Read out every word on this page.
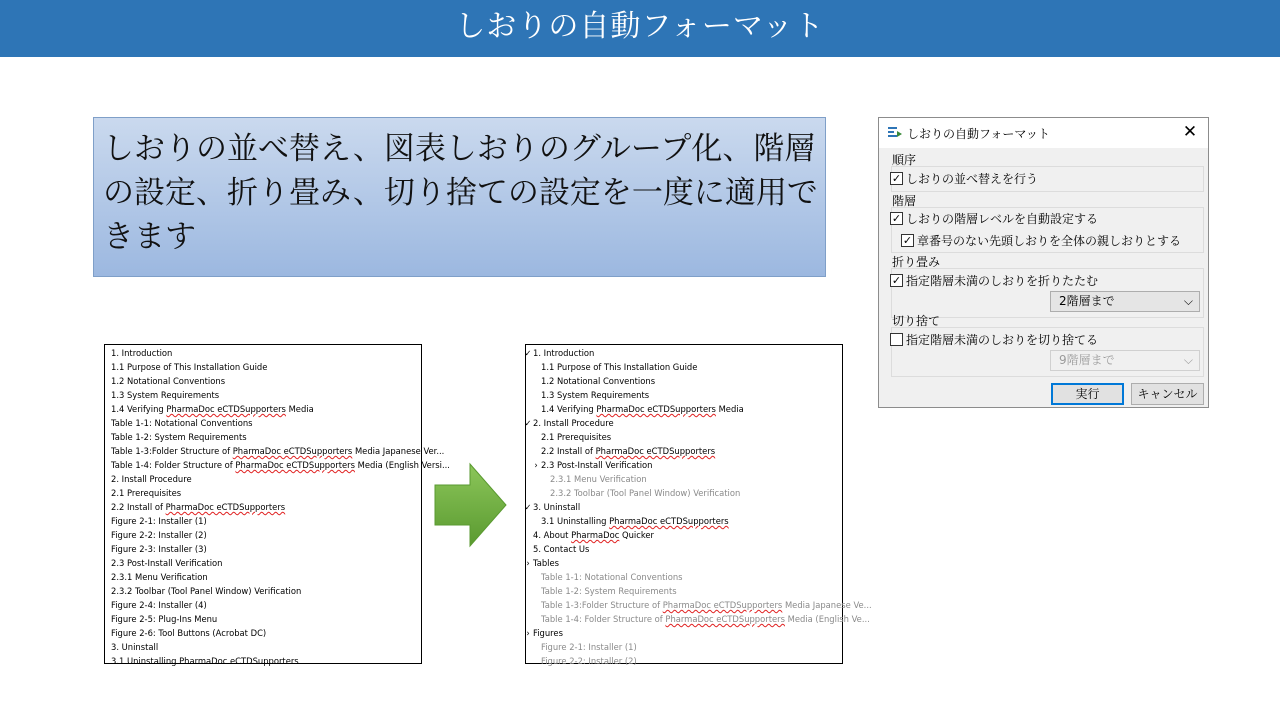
しおりの自動フォーマット
しおりの並べ替え、図表しおりのグループ化、階層の設定、折り畳み、切り捨ての設定を一度に適用できます
しおりの自動フォーマット	✕
順序
✓ しおりの並べ替えを行う
階層
✓ しおりの階層レベルを自動設定する
✓ 章番号のない先頭しおりを全体の親しおりとする
折り畳み
✓ 指定階層未満のしおりを折りたたむ
2階層まで	⌵
切り捨て
指定階層未満のしおりを切り捨てる
9階層まで	⌵
実行	キャンセル
1. Introduction
1.1 Purpose of This Installation Guide
1.2 Notational Conventions
1.3 System Requirements
1.4 Verifying PharmaDoc eCTDSupporters Media
Table 1-1: Notational Conventions
Table 1-2: System Requirements
Table 1-3:Folder Structure of PharmaDoc eCTDSupporters Media Japanese Ver...
Table 1-4: Folder Structure of PharmaDoc eCTDSupporters Media (English Versi...
2. Install Procedure
2.1 Prerequisites
2.2 Install of PharmaDoc eCTDSupporters
Figure 2-1: Installer (1)
Figure 2-2: Installer (2)
Figure 2-3: Installer (3)
2.3 Post-Install Verification
2.3.1 Menu Verification
2.3.2 Toolbar (Tool Panel Window) Verification
Figure 2-4: Installer (4)
Figure 2-5: Plug-Ins Menu
Figure 2-6: Tool Buttons (Acrobat DC)
3. Uninstall
3.1 Uninstalling PharmaDoc eCTDSupporters
1. Introduction
✓
1.1 Purpose of This Installation Guide
1.2 Notational Conventions
1.3 System Requirements
1.4 Verifying PharmaDoc eCTDSupporters Media
2. Install Procedure
✓
2.1 Prerequisites
2.2 Install of PharmaDoc eCTDSupporters
2.3 Post-Install Verification
›
2.3.1 Menu Verification
2.3.2 Toolbar (Tool Panel Window) Verification
3. Uninstall
✓
3.1 Uninstalling PharmaDoc eCTDSupporters
4. About PharmaDoc Quicker
5. Contact Us
Tables
›
Table 1-1: Notational Conventions
Table 1-2: System Requirements
Table 1-3:Folder Structure of PharmaDoc eCTDSupporters Media Japanese Ve...
Table 1-4: Folder Structure of PharmaDoc eCTDSupporters Media (English Ve...
Figures
›
Figure 2-1: Installer (1)
Figure 2-2: Installer (2)
